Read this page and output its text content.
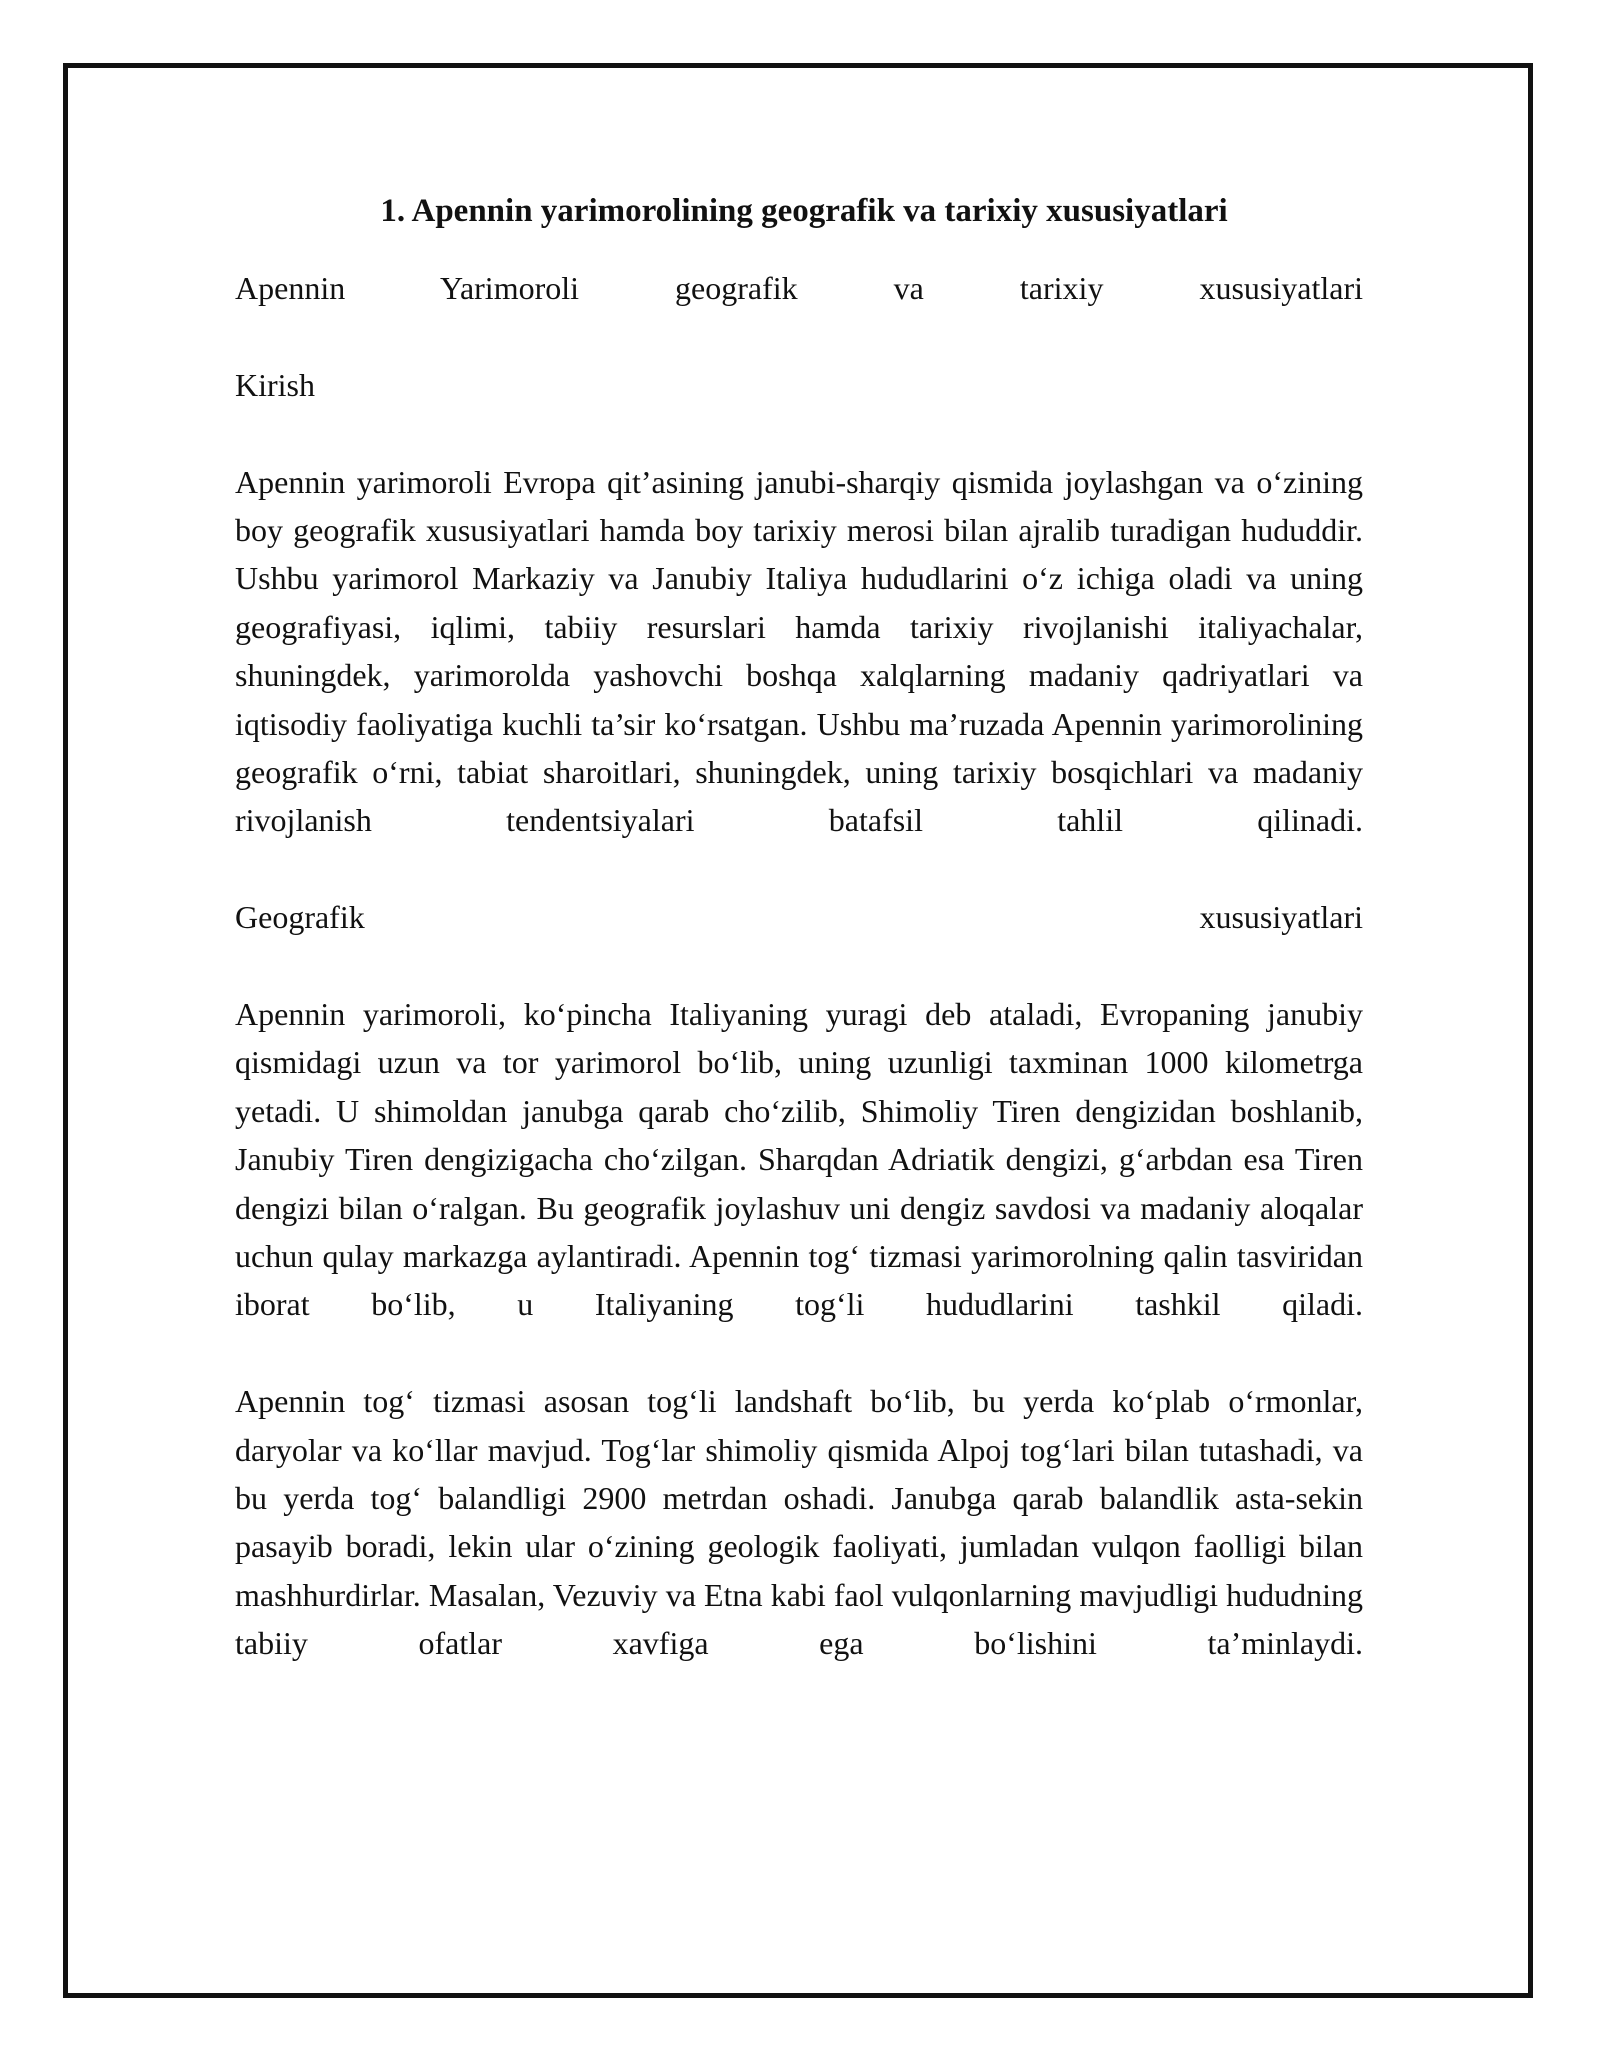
1. Apennin yarimorolining geografik va tarixiy xususiyatlari

Apennin Yarimoroli geografik va tarixiy xususiyatlari

Kirish

Apennin yarimoroli Evropa qit’asining janubi-sharqiy qismida joylashgan va o‘zining boy geografik xususiyatlari hamda boy tarixiy merosi bilan ajralib turadigan hududdir. Ushbu yarimorol Markaziy va Janubiy Italiya hududlarini o‘z ichiga oladi va uning geografiyasi, iqlimi, tabiiy resurslari hamda tarixiy rivojlanishi italiyachalar, shuningdek, yarimorolda yashovchi boshqa xalqlarning madaniy qadriyatlari va iqtisodiy faoliyatiga kuchli ta’sir ko‘rsatgan. Ushbu ma’ruzada Apennin yarimorolining geografik o‘rni, tabiat sharoitlari, shuningdek, uning tarixiy bosqichlari va madaniy rivojlanish tendentsiyalari batafsil tahlil qilinadi.

Geografik xususiyatlari

Apennin yarimoroli, ko‘pincha Italiyaning yuragi deb ataladi, Evropaning janubiy qismidagi uzun va tor yarimorol bo‘lib, uning uzunligi taxminan 1000 kilometrga yetadi. U shimoldan janubga qarab cho‘zilib, Shimoliy Tiren dengizidan boshlanib, Janubiy Tiren dengizigacha cho‘zilgan. Sharqdan Adriatik dengizi, g‘arbdan esa Tiren dengizi bilan o‘ralgan. Bu geografik joylashuv uni dengiz savdosi va madaniy aloqalar uchun qulay markazga aylantiradi. Apennin tog‘ tizmasi yarimorolning qalin tasviridan iborat bo‘lib, u Italiyaning tog‘li hududlarini tashkil qiladi.

Apennin tog‘ tizmasi asosan tog‘li landshaft bo‘lib, bu yerda ko‘plab o‘rmonlar, daryolar va ko‘llar mavjud. Tog‘lar shimoliy qismida Alpoj tog‘lari bilan tutashadi, va bu yerda tog‘ balandligi 2900 metrdan oshadi. Janubga qarab balandlik asta-sekin pasayib boradi, lekin ular o‘zining geologik faoliyati, jumladan vulqon faolligi bilan mashhurdirlar. Masalan, Vezuviy va Etna kabi faol vulqonlarning mavjudligi hududning tabiiy ofatlar xavfiga ega bo‘lishini ta’minlaydi.
